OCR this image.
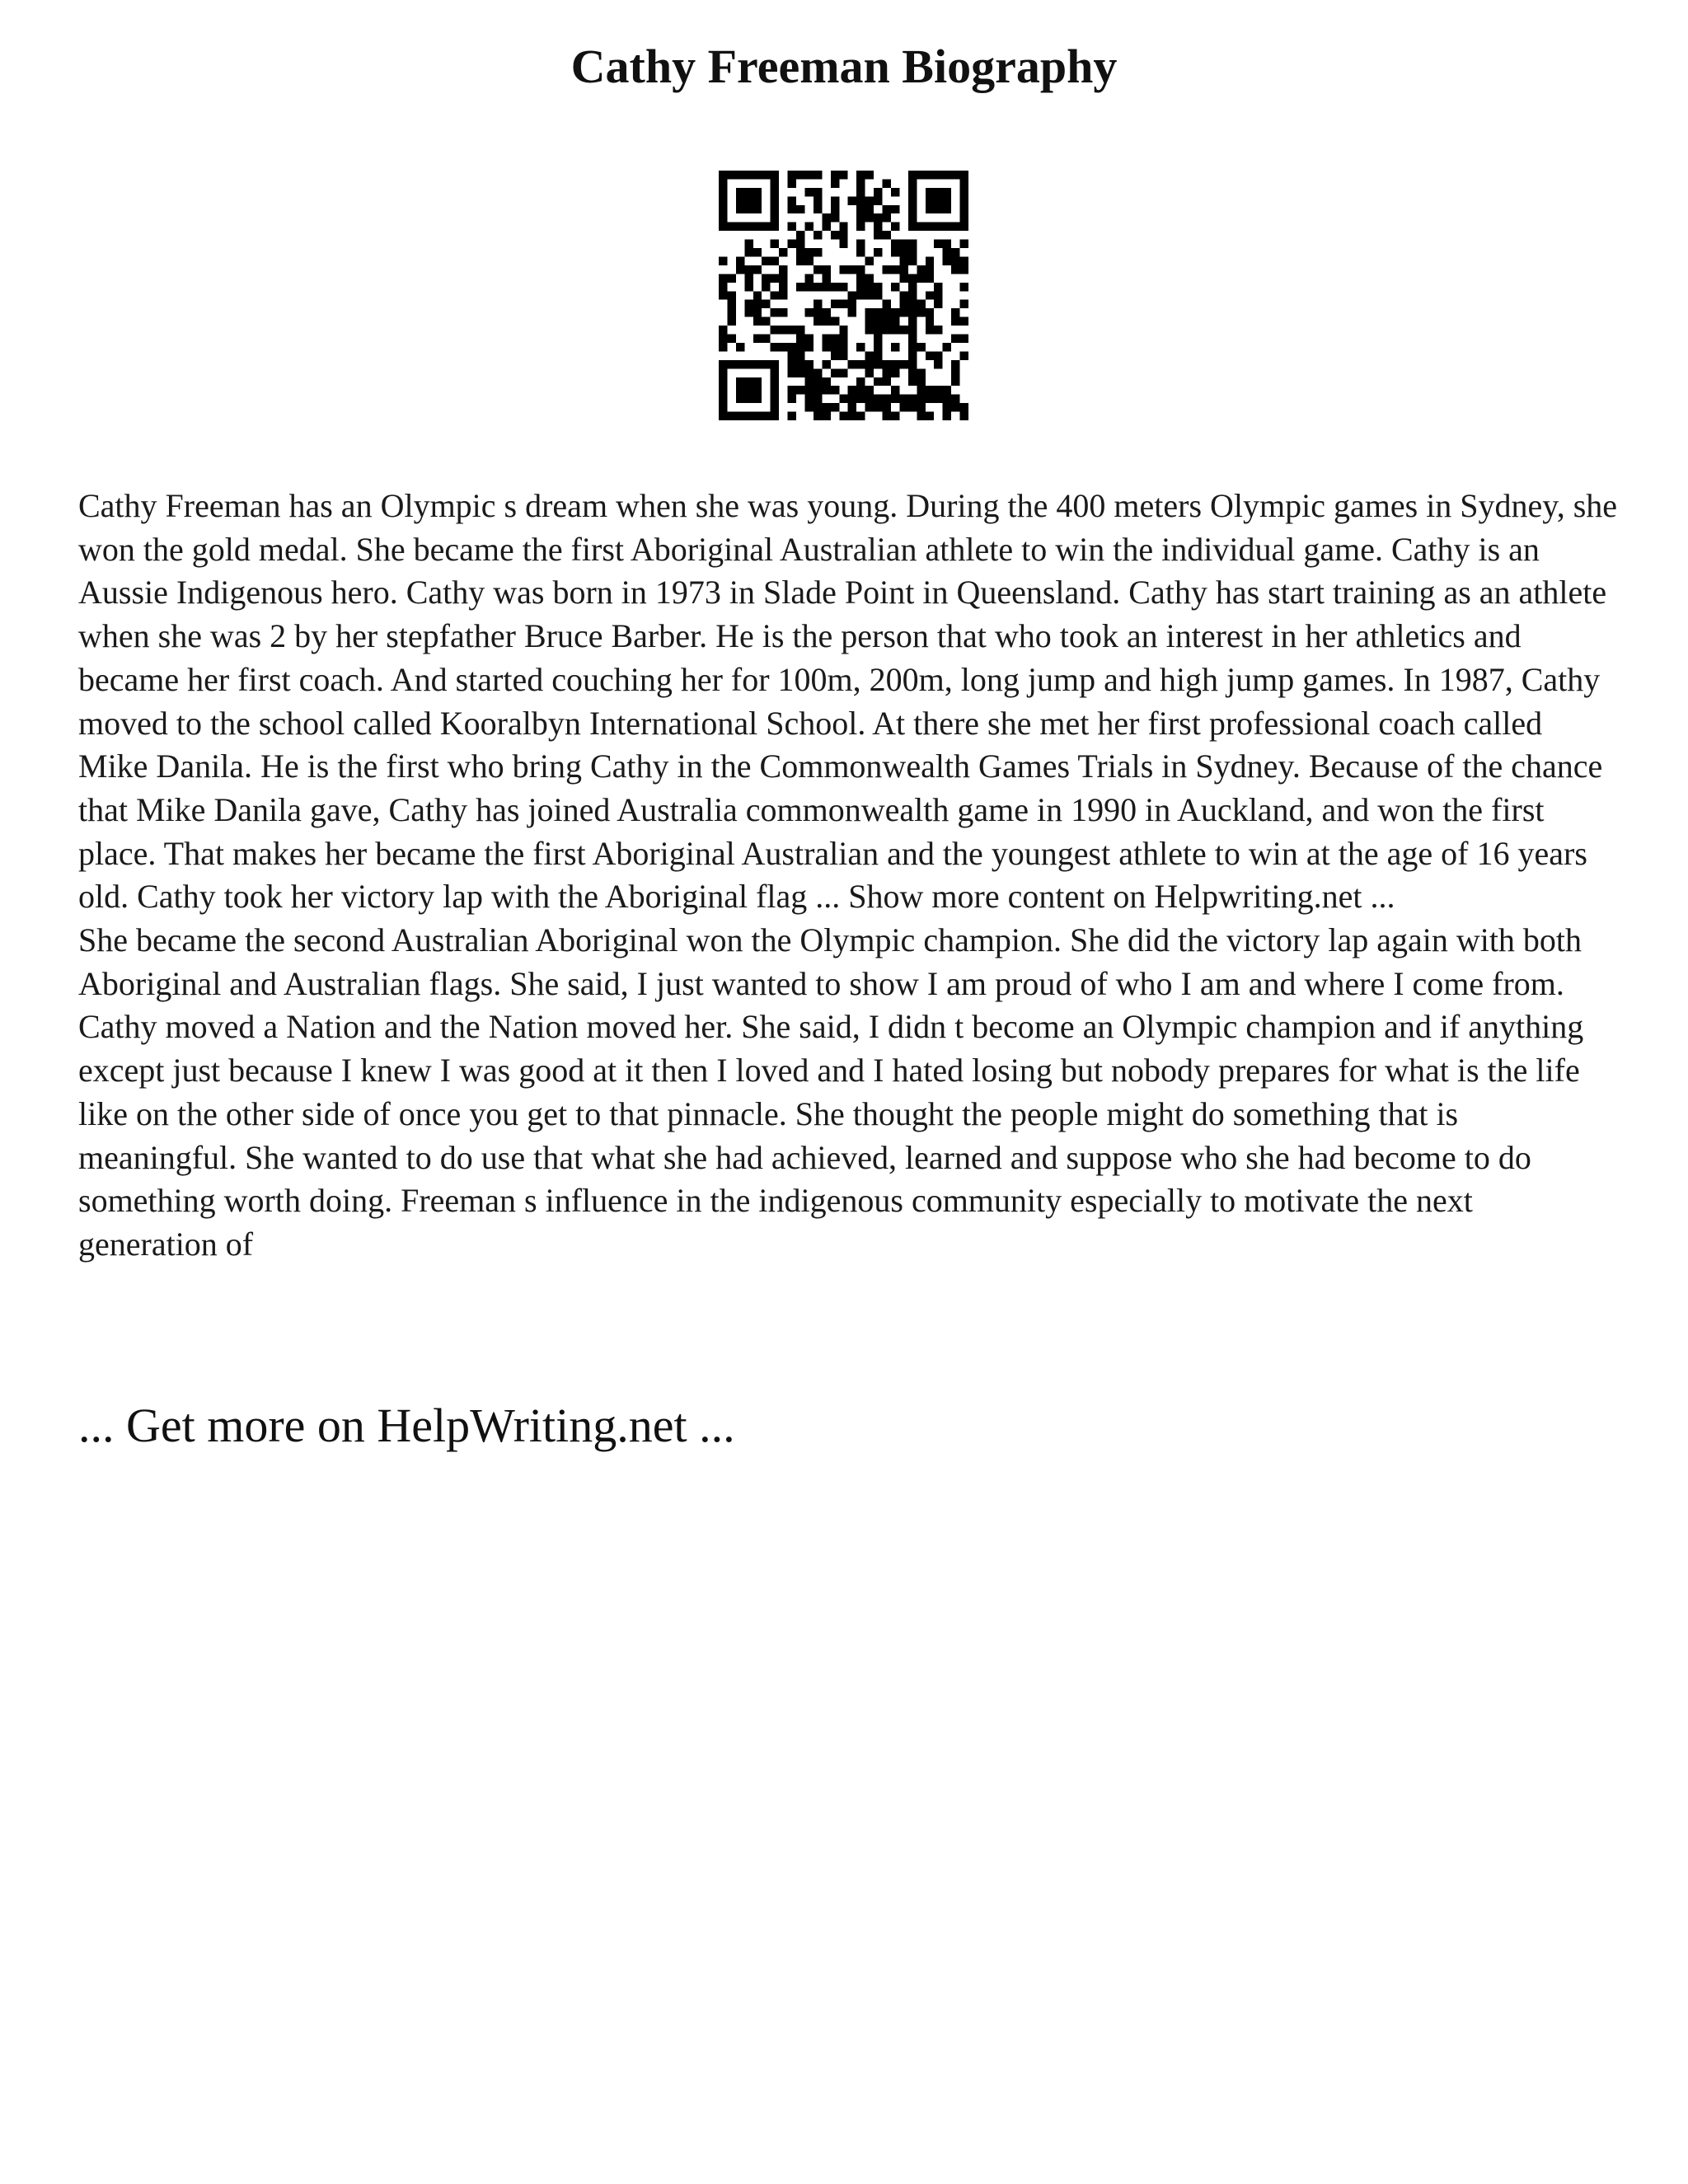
Cathy Freeman Biography

Cathy Freeman has an Olympic s dream when she was young. During the 400 meters Olympic games in Sydney, she won the gold medal. She became the first Aboriginal Australian athlete to win the individual game. Cathy is an Aussie Indigenous hero. Cathy was born in 1973 in Slade Point in Queensland. Cathy has start training as an athlete when she was 2 by her stepfather Bruce Barber. He is the person that who took an interest in her athletics and became her first coach. And started couching her for 100m, 200m, long jump and high jump games. In 1987, Cathy moved to the school called Kooralbyn International School. At there she met her first professional coach called Mike Danila. He is the first who bring Cathy in the Commonwealth Games Trials in Sydney. Because of the chance that Mike Danila gave, Cathy has joined Australia commonwealth game in 1990 in Auckland, and won the first place. That makes her became the first Aboriginal Australian and the youngest athlete to win at the age of 16 years old. Cathy took her victory lap with the Aboriginal flag ... Show more content on Helpwriting.net ...

She became the second Australian Aboriginal won the Olympic champion. She did the victory lap again with both Aboriginal and Australian flags. She said, I just wanted to show I am proud of who I am and where I come from. Cathy moved a Nation and the Nation moved her. She said, I didn t become an Olympic champion and if anything except just because I knew I was good at it then I loved and I hated losing but nobody prepares for what is the life like on the other side of once you get to that pinnacle. She thought the people might do something that is meaningful. She wanted to do use that what she had achieved, learned and suppose who she had become to do something worth doing. Freeman s influence in the indigenous community especially to motivate the next generation of

... Get more on HelpWriting.net ...
